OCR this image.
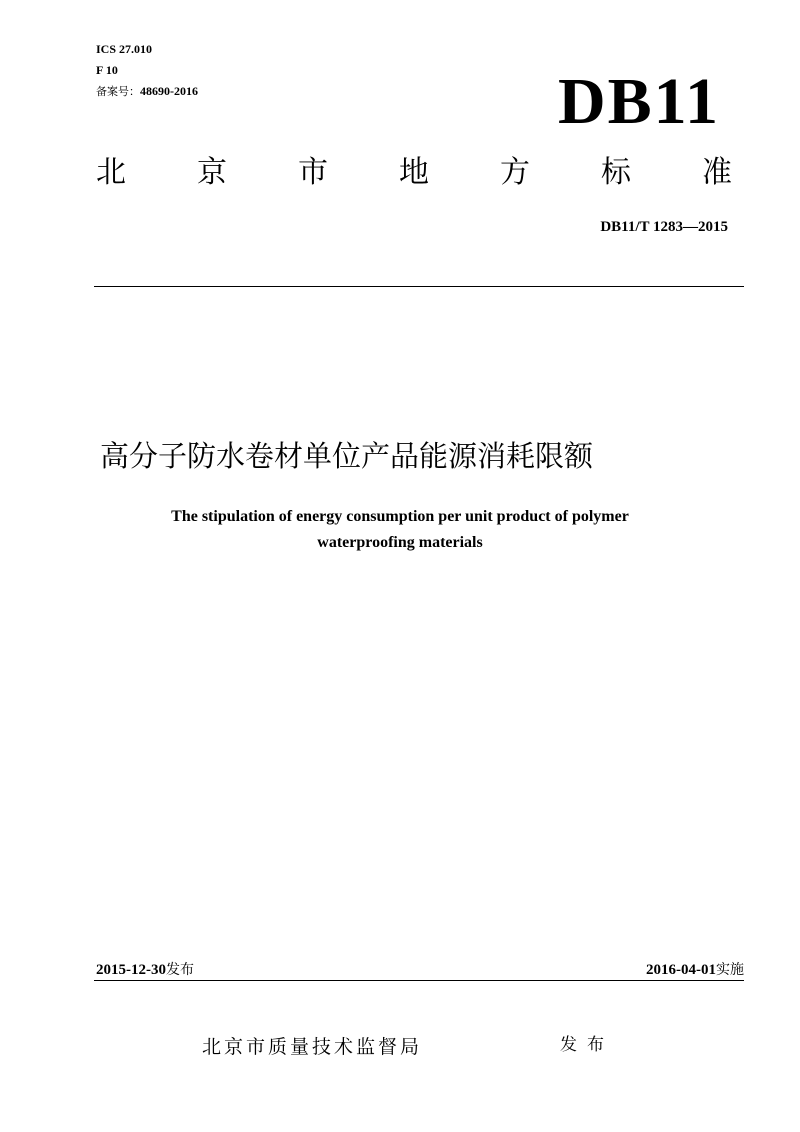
ICS 27.010
F 10
备案号：48690-2016	DB11
北 京 市 地 方 标 准
DB11/T 1283—2015
高分子防水卷材单位产品能源消耗限额
The stipulation of energy consumption per unit product of polymer
waterproofing materials
2015-12-30发布	2016-04-01实施
北京市质量技术监督局	发布
